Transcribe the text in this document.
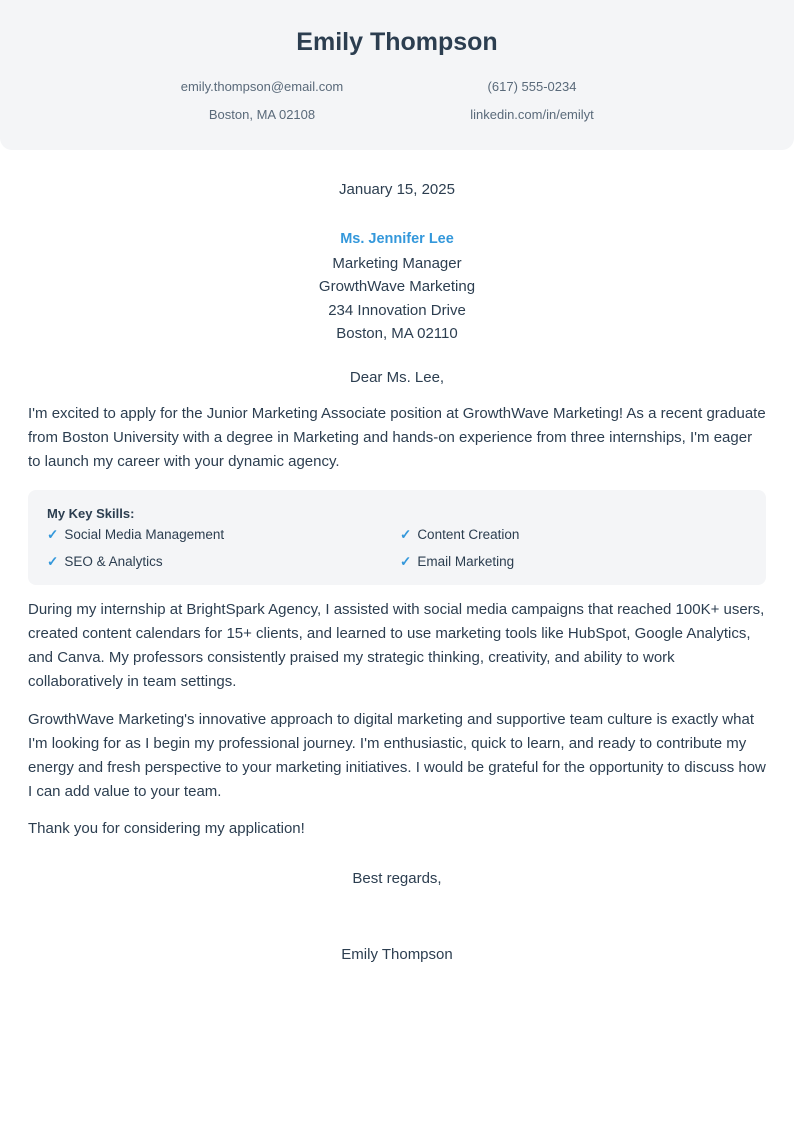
Emily Thompson
emily.thompson@email.com	(617) 555-0234
Boston, MA 02108	linkedin.com/in/emilyt
January 15, 2025
Ms. Jennifer Lee
Marketing Manager
GrowthWave Marketing
234 Innovation Drive
Boston, MA 02110
Dear Ms. Lee,
I'm excited to apply for the Junior Marketing Associate position at GrowthWave Marketing! As a recent graduate from Boston University with a degree in Marketing and hands-on experience from three internships, I'm eager to launch my career with your dynamic agency.
My Key Skills:
✓ Social Media Management	✓ Content Creation
✓ SEO & Analytics	✓ Email Marketing
During my internship at BrightSpark Agency, I assisted with social media campaigns that reached 100K+ users, created content calendars for 15+ clients, and learned to use marketing tools like HubSpot, Google Analytics, and Canva. My professors consistently praised my strategic thinking, creativity, and ability to work collaboratively in team settings.
GrowthWave Marketing's innovative approach to digital marketing and supportive team culture is exactly what I'm looking for as I begin my professional journey. I'm enthusiastic, quick to learn, and ready to contribute my energy and fresh perspective to your marketing initiatives. I would be grateful for the opportunity to discuss how I can add value to your team.
Thank you for considering my application!
Best regards,
Emily Thompson
